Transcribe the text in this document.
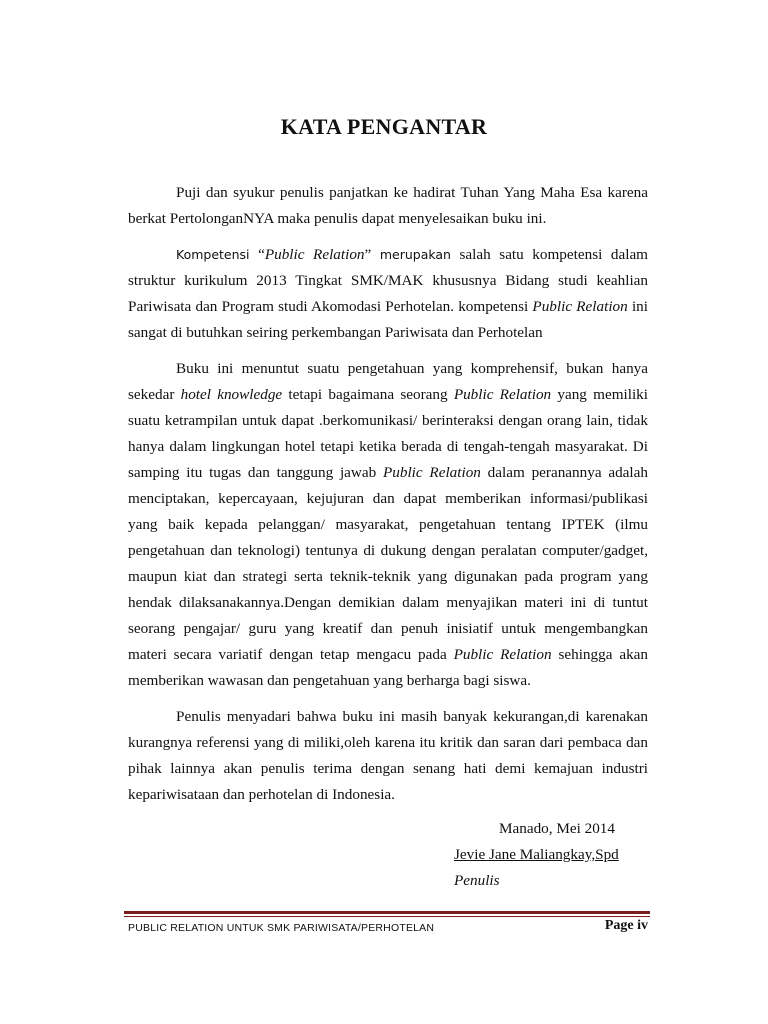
KATA PENGANTAR

Puji dan syukur penulis panjatkan ke hadirat Tuhan Yang Maha Esa karena berkat PertolonganNYA maka penulis dapat menyelesaikan buku ini.

Kompetensi “Public Relation” merupakan salah satu kompetensi dalam struktur kurikulum 2013 Tingkat SMK/MAK khususnya Bidang studi keahlian Pariwisata dan Program studi Akomodasi Perhotelan. kompetensi Public Relation ini sangat di butuhkan seiring perkembangan Pariwisata dan Perhotelan

Buku ini menuntut suatu pengetahuan yang komprehensif, bukan hanya sekedar hotel knowledge tetapi bagaimana seorang Public Relation yang memiliki suatu ketrampilan untuk dapat .berkomunikasi/ berinteraksi dengan orang lain, tidak hanya dalam lingkungan hotel tetapi ketika berada di tengah-tengah masyarakat. Di samping itu tugas dan tanggung jawab Public Relation dalam peranannya adalah menciptakan, kepercayaan, kejujuran dan dapat memberikan informasi/publikasi yang baik kepada pelanggan/ masyarakat, pengetahuan tentang IPTEK (ilmu pengetahuan dan teknologi) tentunya di dukung dengan peralatan computer/gadget, maupun kiat dan strategi serta teknik-teknik yang digunakan pada program yang hendak dilaksanakannya.Dengan demikian dalam menyajikan materi ini di tuntut seorang pengajar/ guru yang kreatif dan penuh inisiatif untuk mengembangkan materi secara variatif dengan tetap mengacu pada Public Relation sehingga akan memberikan wawasan dan pengetahuan yang berharga bagi siswa.

Penulis menyadari bahwa buku ini masih banyak kekurangan,di karenakan kurangnya referensi yang di miliki,oleh karena itu kritik dan saran dari pembaca dan pihak lainnya akan penulis terima dengan senang hati demi kemajuan industri kepariwisataan dan perhotelan di Indonesia.

Manado, Mei 2014
Jevie Jane Maliangkay,Spd
Penulis
PUBLIC RELATION UNTUK SMK PARIWISATA/PERHOTELAN	Page iv
